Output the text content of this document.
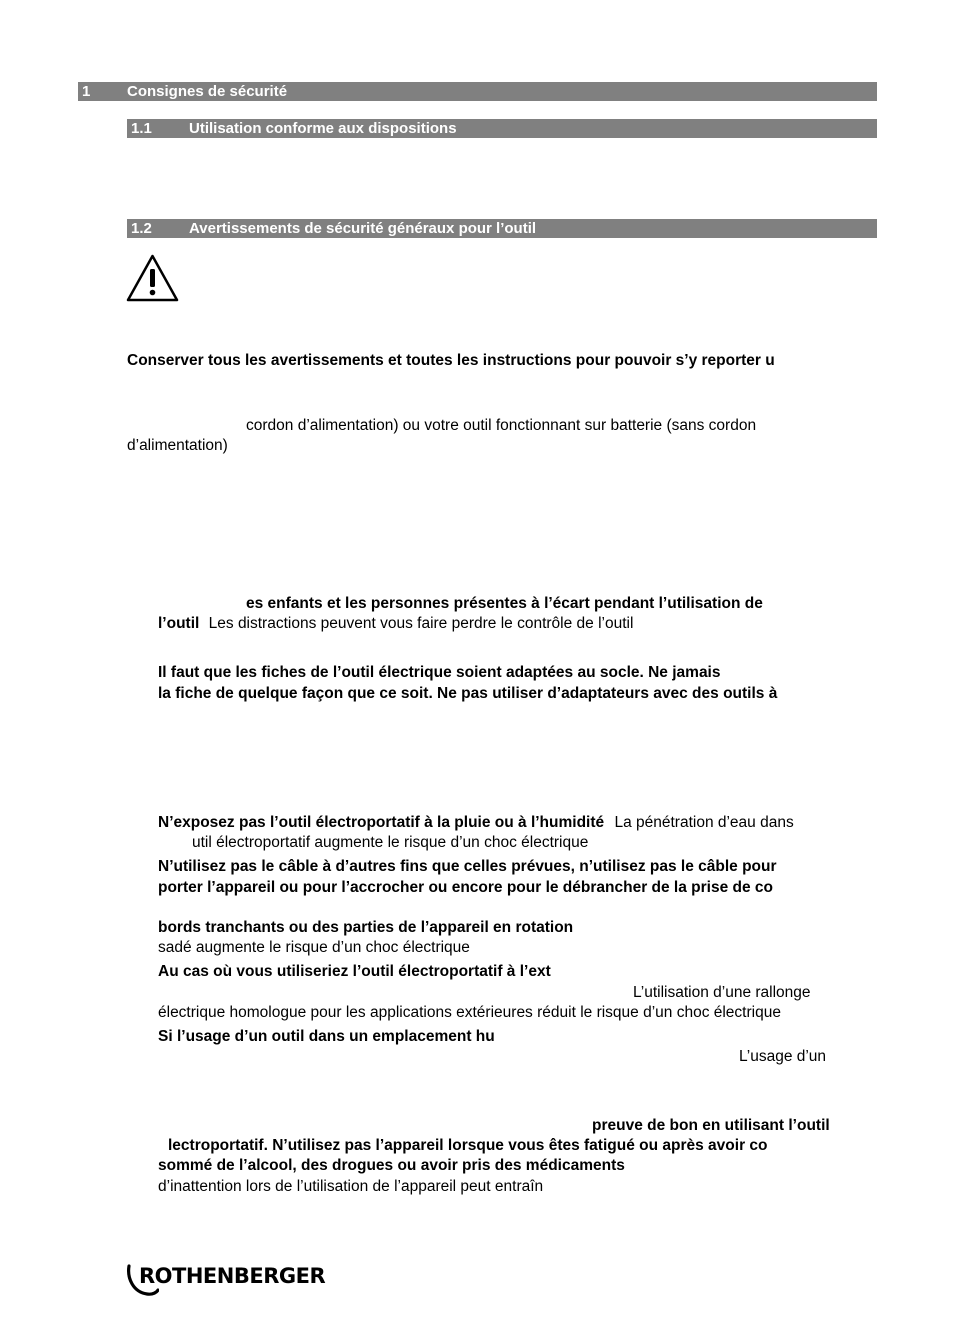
1 Consignes de sécurité
1.1 Utilisation conforme aux dispositions
1.2 Avertissements de sécurité généraux pour l’outil
Conserver tous les avertissements et toutes les instructions pour pouvoir s’y reporter u
cordon d’alimentation) ou votre outil fonctionnant sur batterie (sans cordon
d’alimentation)
es enfants et les personnes présentes à l’écart pendant l’utilisation de
l’outil Les distractions peuvent vous faire perdre le contrôle de l’outil
Il faut que les fiches de l’outil électrique soient adaptées au socle. Ne jamais
la fiche de quelque façon que ce soit. Ne pas utiliser d’adaptateurs avec des outils à
N’exposez pas l’outil électroportatif à la pluie ou à l’humidité La pénétration d’eau dans
util électroportatif augmente le risque d’un choc électrique
N’utilisez pas le câble à d’autres fins que celles prévues, n’utilisez pas le câble pour
porter l’appareil ou pour l’accrocher ou encore pour le débrancher de la prise de co
bords tranchants ou des parties de l’appareil en rotation
sadé augmente le risque d’un choc électrique
Au cas où vous utiliseriez l’outil électroportatif à l’ext
L’utilisation d’une rallonge
électrique homologue pour les applications extérieures réduit le risque d’un choc électrique
Si l’usage d’un outil dans un emplacement hu
L’usage d’un
preuve de bon en utilisant l’outil
lectroportatif. N’utilisez pas l’appareil lorsque vous êtes fatigué ou après avoir co
sommé de l’alcool, des drogues ou avoir pris des médicaments
d’inattention lors de l’utilisation de l’appareil peut entraîn
ROTHENBERGER
